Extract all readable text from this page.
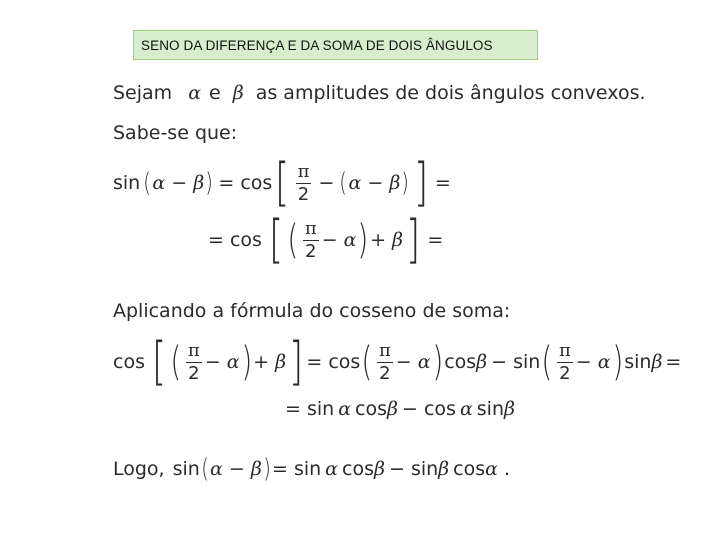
SENO DA DIFERENÇA E DA SOMA DE DOIS ÂNGULOS
Sejam α e β as amplitudes de dois ângulos convexos.
Sabe-se que:
sin ( α − β ) = cos [ $\frac{\pi}{2}$ − ( α − β ) ] =
= cos [ ( $\frac{\pi}{2} - \alpha$ ) + β ] =
Aplicando a fórmula do cosseno de soma:
cos [ ( $\frac{\pi}{2} - \alpha$ ) + β ] = cos ( $\frac{\pi}{2} - \alpha$ ) cos β − sin ( $\frac{\pi}{2} - \alpha$ ) sin β =
= sin α cos β − cos α sin β
Logo, sin ( α − β ) = sin α cos β − sin β cos α .
